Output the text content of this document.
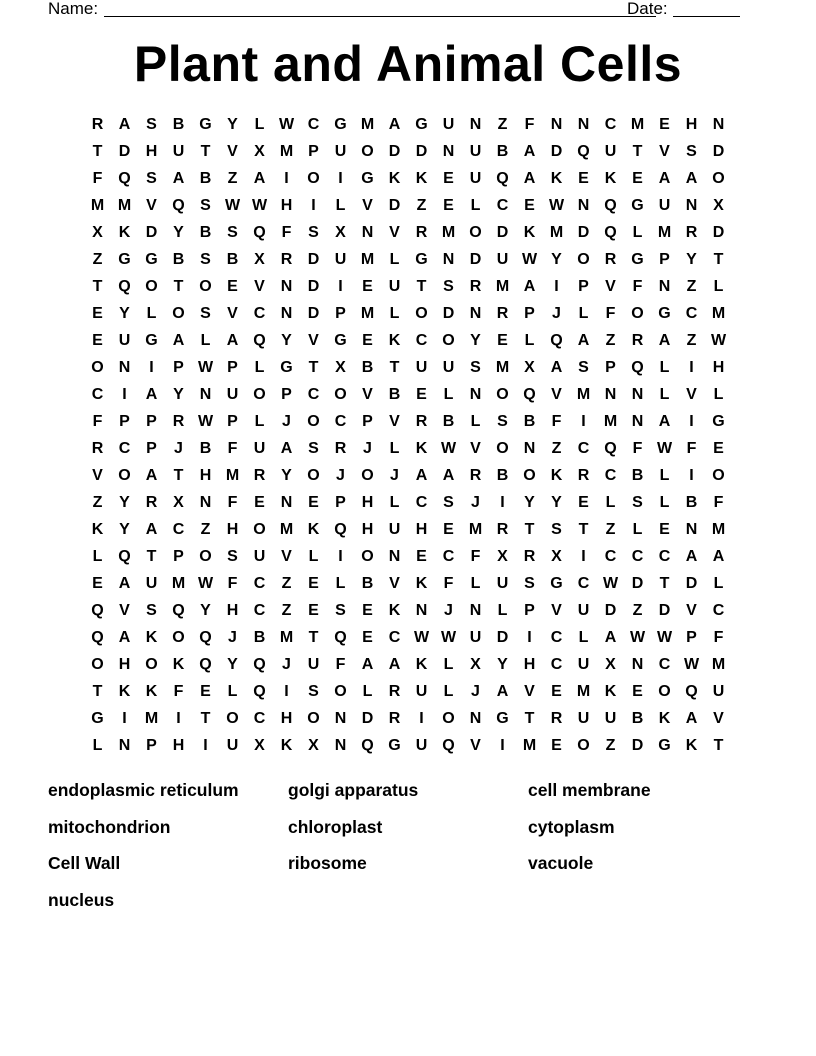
Name:	Date:
Plant and Animal Cells
R A S B G Y	L W C G M A G U N	Z	F	N N C M E H N
T	D H U	T	V	X M P U O D D N U B A D Q U	T	V	S D
F Q S A B	Z	A	I	O	I	G K K E U Q A K E K E A A O
M M V Q S W W H	I	L	V D	Z	E	L	C E W N Q G U N X
X K D Y B S Q F	S	X N V R M O D K M D Q L M R D
Z G G B S B X R D U M L G N D U W Y O R G P	Y	T
T Q O T O E	V N D	I	E U	T	S R M A	I	P	V	F	N	Z	L
E	Y	L O S	V C N D P M L O D N R P	J	L	F O G C M
E U G A	L	A Q Y	V G E K C O Y	E	L Q A	Z	R A	Z W
O N	I	P W P	L G T	X B	T	U U S M X A S	P Q L	I	H
C	I	A Y N U O P C O V B E	L	N O Q V M N N	L	V	L
F	P	P R W P	L	J	O C P	V R B	L	S B	F	I	M N A	I	G
R C P	J	B	F	U A S R	J	L	K W V O N	Z	C Q F W F	E
V O A	T	H M R Y O	J	O	J	A A R B O K R C B	L	I	O
Z	Y R X N	F	E N E	P H	L	C S	J	I	Y	Y	E	L	S	L	B	F
K Y A C	Z	H O M K Q H U H E M R	T	S	T	Z	L	E N M
L Q T	P O S U V	L	I	O N E C	F	X R X	I	C C C A A
E A U M W F	C	Z	E	L	B V K	F	L	U S G C W D	T	D	L
Q V	S Q Y H C	Z	E	S	E K N	J	N	L	P	V U D	Z	D V C
Q A K O Q	J	B M T Q E C W W U D	I	C	L	A W W P	F
O H O K Q Y Q	J	U	F	A A K	L	X	Y H C U X N C W M
T	K K	F	E	L Q	I	S O L	R U	L	J	A V	E M K E O Q U
G	I	M	I	T O C H O N D R	I	O N G T	R U U B K A V
L	N P H	I	U X K X N Q G U Q V	I	M E O Z	D G K	T
endoplasmic reticulum	golgi apparatus	cell membrane
mitochondrion	chloroplast	cytoplasm
Cell Wall	ribosome	vacuole
nucleus
